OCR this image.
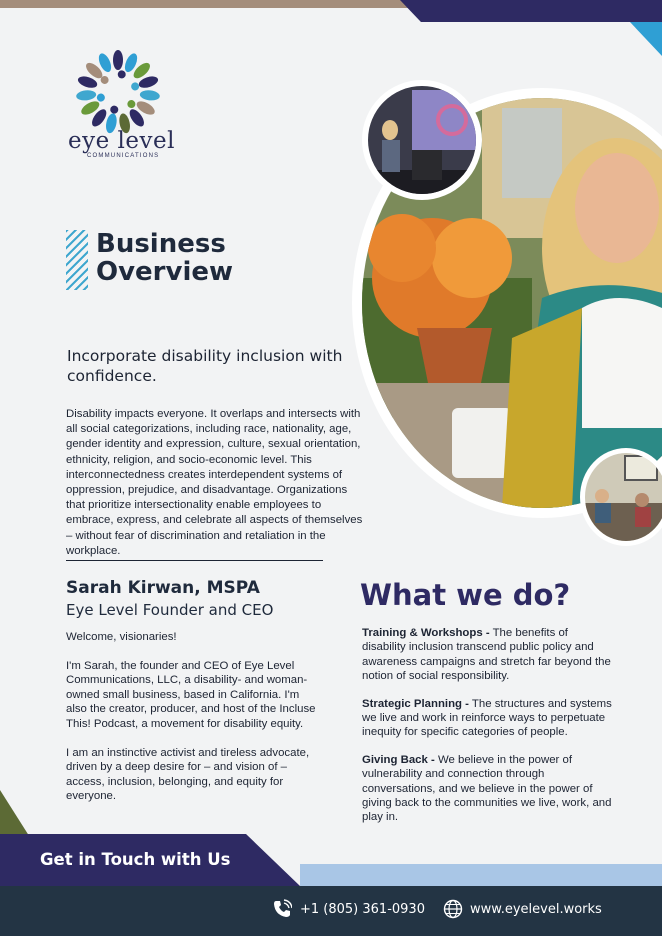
eye level
COMMUNICATIONS
Business Overview
Incorporate disability inclusion with confidence.
Disability impacts everyone. It overlaps and intersects with all social categorizations, including race, nationality, age, gender identity and expression, culture, sexual orientation, ethnicity, religion, and socio-economic level. This interconnectedness creates interdependent systems of oppression, prejudice, and disadvantage. Organizations that prioritize intersectionality enable employees to embrace, express, and celebrate all aspects of themselves – without fear of discrimination and retaliation in the workplace.
Sarah Kirwan, MSPA
Eye Level Founder and CEO

Welcome, visionaries!

I'm Sarah, the founder and CEO of Eye Level Communications, LLC, a disability- and woman-owned small business, based in California. I'm also the creator, producer, and host of the Incluse This! Podcast, a movement for disability equity.

I am an instinctive activist and tireless advocate, driven by a deep desire for – and vision of – access, inclusion, belonging, and equity for everyone.

What we do?
Training & Workshops - The benefits of disability inclusion transcend public policy and awareness campaigns and stretch far beyond the notion of social responsibility.
Strategic Planning - The structures and systems we live and work in reinforce ways to perpetuate inequity for specific categories of people.
Giving Back - We believe in the power of vulnerability and connection through conversations, and we believe in the power of giving back to the communities we live, work, and play in.
Get in Touch with Us
+1 (805) 361-0930	www.eyelevel.works
